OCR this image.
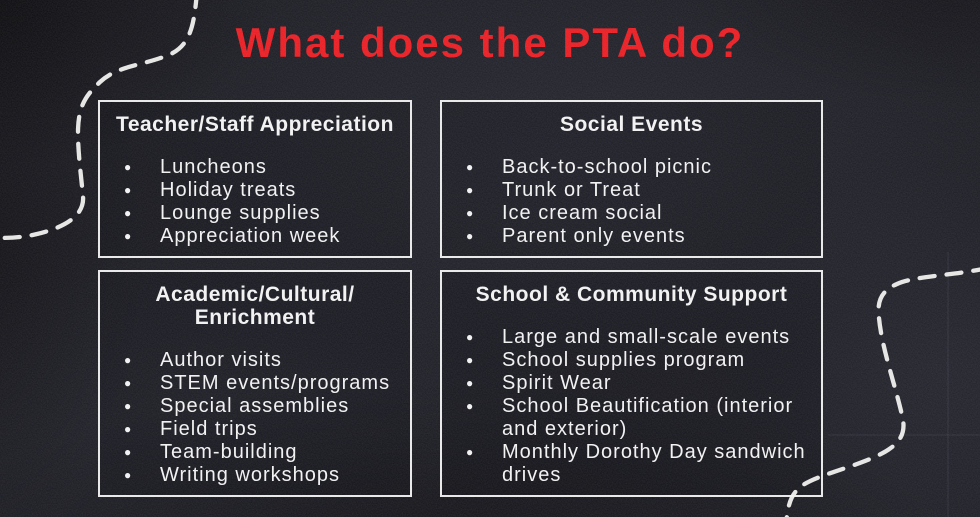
What does the PTA do?
Teacher/Staff Appreciation
● Luncheons
● Holiday treats
● Lounge supplies
● Appreciation week
Social Events
● Back-to-school picnic
● Trunk or Treat
● Ice cream social
● Parent only events
Academic/Cultural/
Enrichment
● Author visits
● STEM events/programs
● Special assemblies
● Field trips
● Team-building
● Writing workshops
School & Community Support
● Large and small-scale events
● School supplies program
● Spirit Wear
● School Beautification (interior and exterior)
● Monthly Dorothy Day sandwich drives
